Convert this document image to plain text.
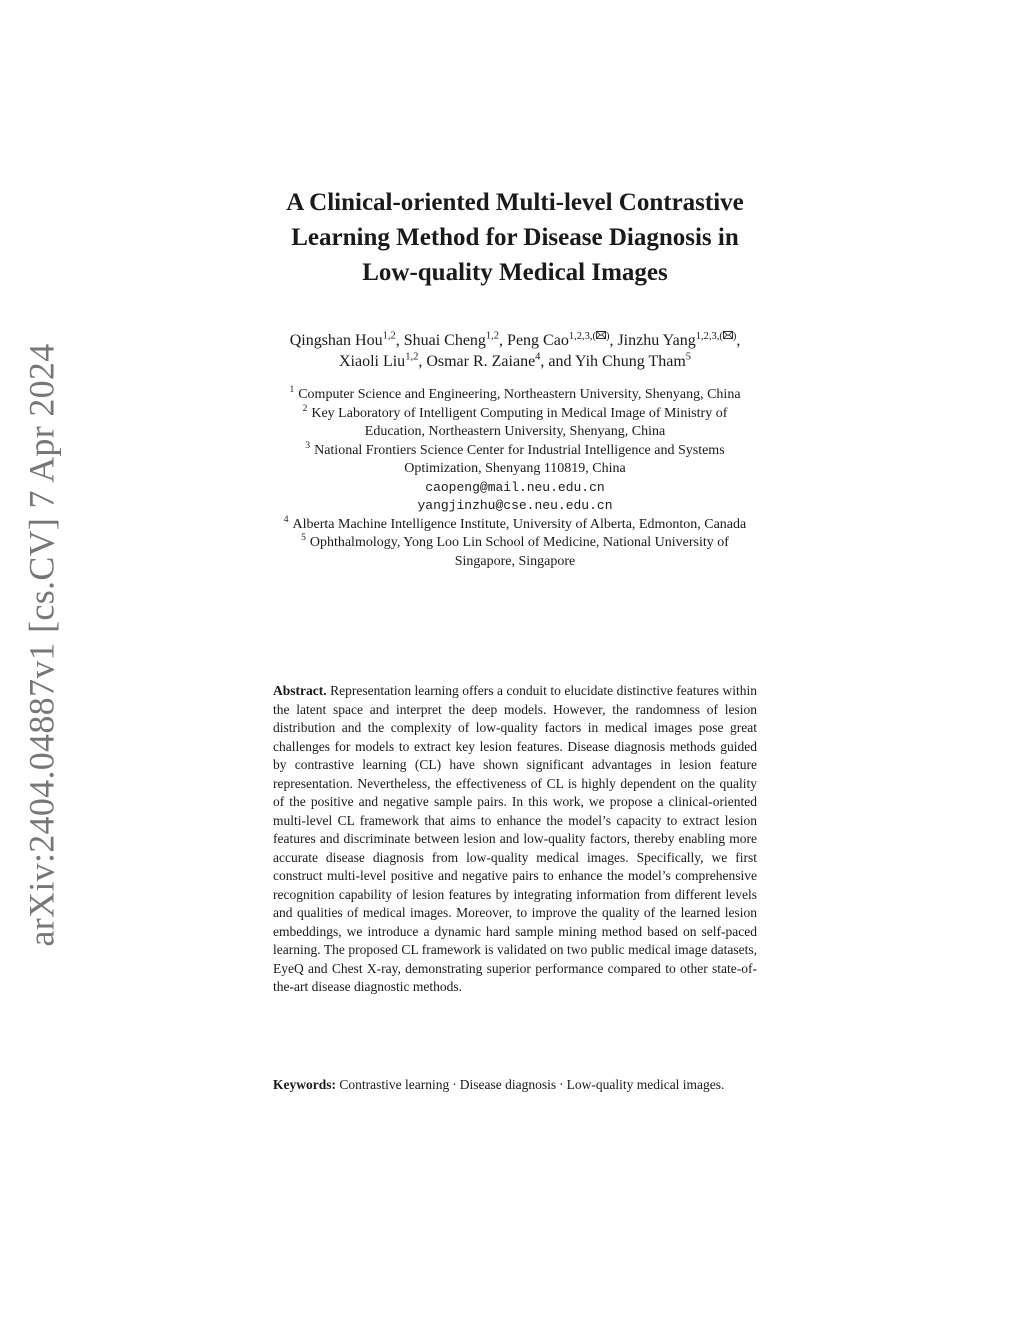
arXiv:2404.04887v1 [cs.CV] 7 Apr 2024
A Clinical-oriented Multi-level Contrastive
Learning Method for Disease Diagnosis in
Low-quality Medical Images
Qingshan Hou$^{1,2}$, Shuai Cheng$^{1,2}$, Peng Cao$^{1,2,3,( )}$, Jinzhu Yang$^{1,2,3,( )}$,
Xiaoli Liu$^{1,2}$, Osmar R. Zaiane$^4$, and Yih Chung Tham$^5$
$^1$ Computer Science and Engineering, Northeastern University, Shenyang, China
$^2$ Key Laboratory of Intelligent Computing in Medical Image of Ministry of
Education, Northeastern University, Shenyang, China
$^3$ National Frontiers Science Center for Industrial Intelligence and Systems
Optimization, Shenyang 110819, China
caopeng@mail.neu.edu.cn
yangjinzhu@cse.neu.edu.cn
$^4$ Alberta Machine Intelligence Institute, University of Alberta, Edmonton, Canada
$^5$ Ophthalmology, Yong Loo Lin School of Medicine, National University of
Singapore, Singapore
Abstract. Representation learning offers a conduit to elucidate distinctive features within the latent space and interpret the deep models. However, the randomness of lesion distribution and the complexity of low-quality factors in medical images pose great challenges for models to extract key lesion features. Disease diagnosis methods guided by contrastive learning (CL) have shown significant advantages in lesion feature representation. Nevertheless, the effectiveness of CL is highly dependent on the quality of the positive and negative sample pairs. In this work, we propose a clinical-oriented multi-level CL framework that aims to enhance the model’s capacity to extract lesion features and discriminate between lesion and low-quality factors, thereby enabling more accurate disease diagnosis from low-quality medical images. Specifically, we first construct multi-level positive and negative pairs to enhance the model’s comprehensive recognition capability of lesion features by integrating information from different levels and qualities of medical images. Moreover, to improve the quality of the learned lesion embeddings, we introduce a dynamic hard sample mining method based on self-paced learning. The proposed CL framework is validated on two public medical image datasets, EyeQ and Chest X-ray, demonstrating superior performance compared to other state-of-the-art disease diagnostic methods.
Keywords: Contrastive learning · Disease diagnosis · Low-quality medical images.
